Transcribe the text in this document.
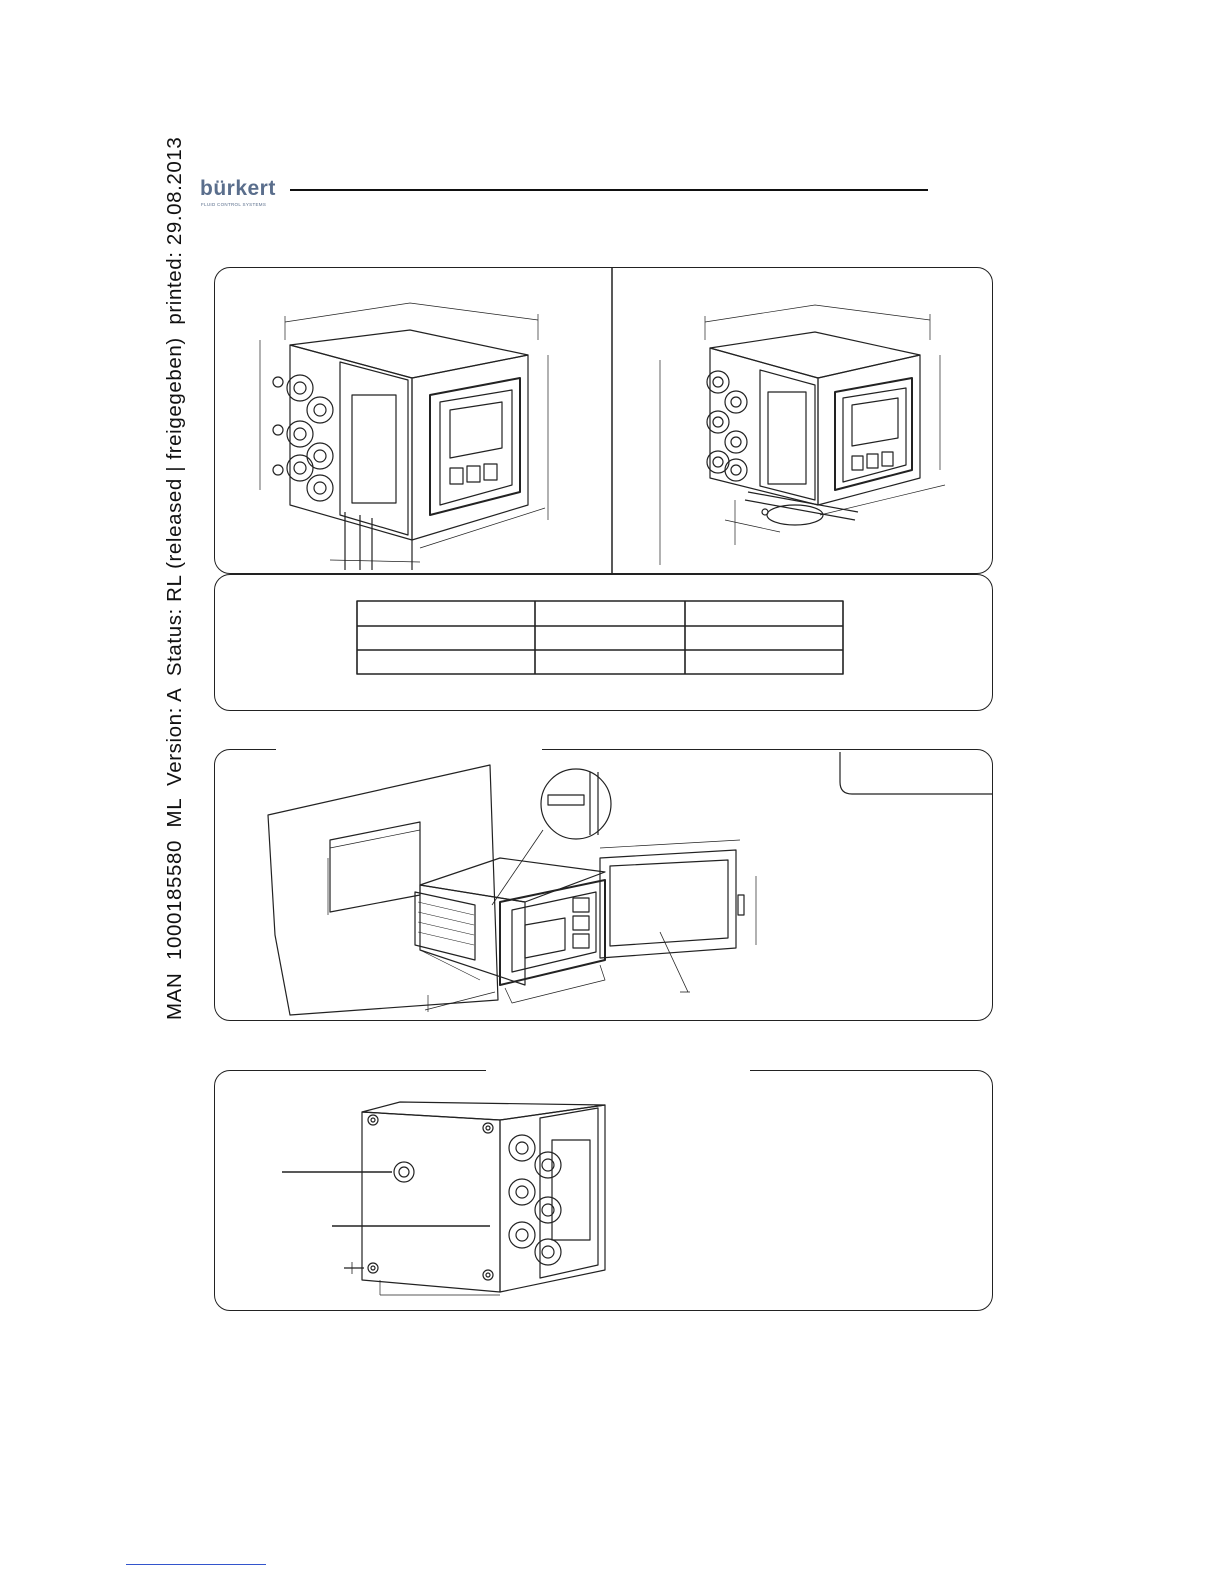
MAN  1000185580  ML  Version: A  Status: RL (released | freigegeben)  printed: 29.08.2013 bürkert
FLUID CONTROL SYSTEMS
